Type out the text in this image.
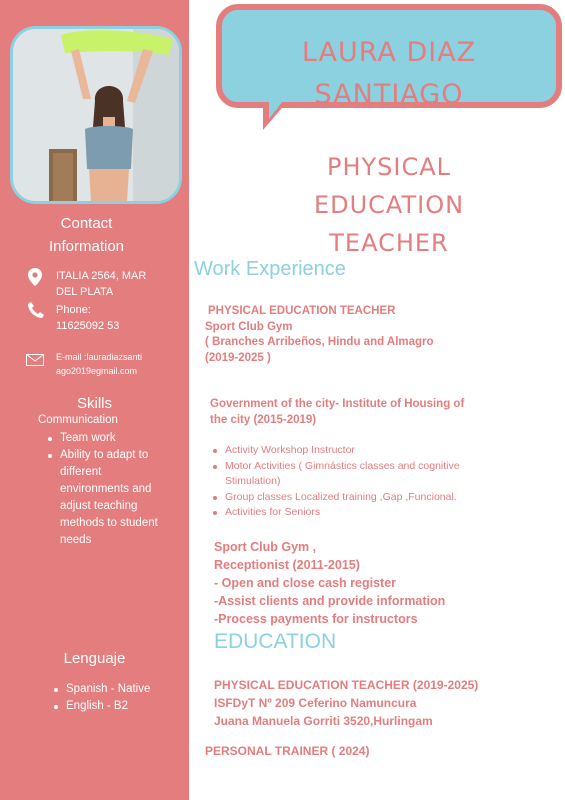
Contact Information
ITALIA 2564, MAR DEL PLATA
Phone: 11625092 53
E-mail :lauradiazsantiago2019egmail.com
Skills
Communication
Team work
Ability to adapt to different environments and adjust teaching methods to student needs
Lenguaje
Spanish - Native
English - B2
LAURA DIAZ SANTIAGO
PHYSICAL EDUCATION TEACHER
Work Experience
PHYSICAL EDUCATION TEACHER
Sport Club Gym
( Branches Arribeños, Hindu and Almagro (2019-2025 )
Government of the city- Institute of Housing of the city (2015-2019)
Activity Workshop Instructor
Motor Activities ( Gimnástics classes and cognitive Stimulation)
Group classes Localized training ,Gap ,Funcional.
Activities for Seniors
Sport Club Gym ,
Receptionist (2011-2015)
- Open and close cash register
-Assist clients and provide information
-Process payments for instructors
EDUCATION
PHYSICAL EDUCATION TEACHER (2019-2025)
ISFDyT Nº 209 Ceferino Namuncura
Juana Manuela Gorriti 3520,Hurlingam
PERSONAL TRAINER ( 2024)
